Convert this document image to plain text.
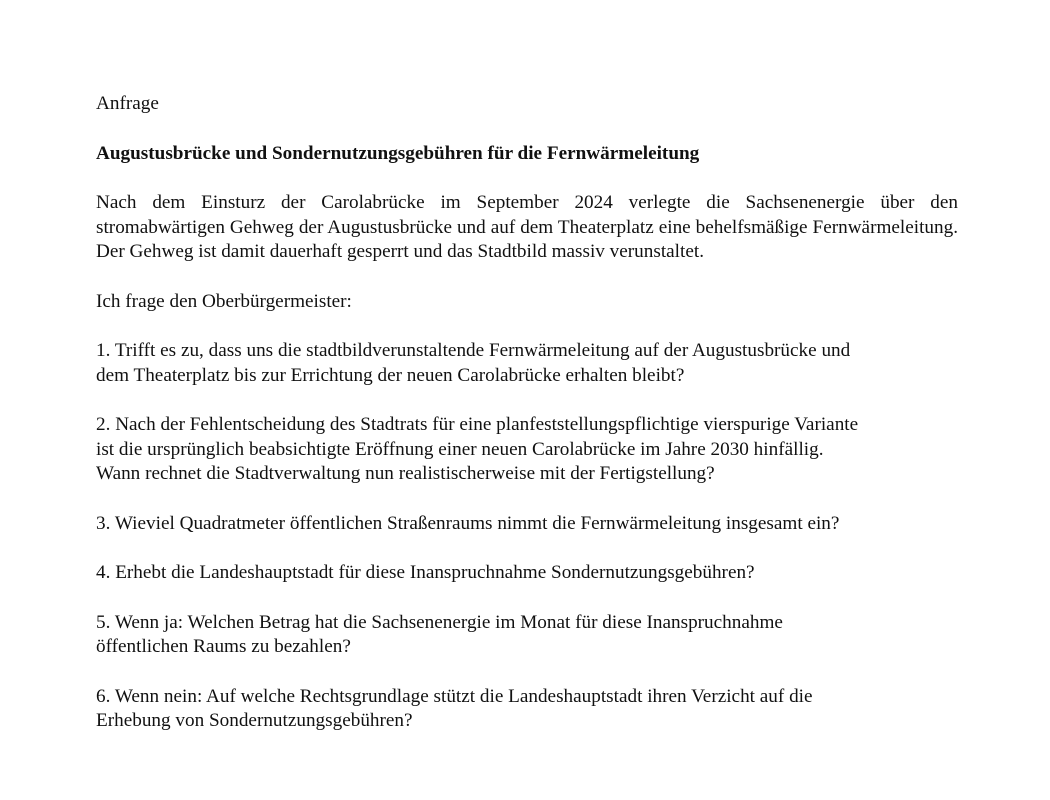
Anfrage

Augustusbrücke und Sondernutzungsgebühren für die Fernwärmeleitung

Nach dem Einsturz der Carolabrücke im September 2024 verlegte die Sachsenenergie über den stromabwärtigen Gehweg der Augustusbrücke und auf dem Theaterplatz eine behelfsmäßige Fernwärmeleitung. Der Gehweg ist damit dauerhaft gesperrt und das Stadtbild massiv verunstaltet.

Ich frage den Oberbürgermeister:

1. Trifft es zu, dass uns die stadtbildverunstaltende Fernwärmeleitung auf der Augustusbrücke und
dem Theaterplatz bis zur Errichtung der neuen Carolabrücke erhalten bleibt?

2. Nach der Fehlentscheidung des Stadtrats für eine planfeststellungspflichtige vierspurige Variante
ist die ursprünglich beabsichtigte Eröffnung einer neuen Carolabrücke im Jahre 2030 hinfällig.
Wann rechnet die Stadtverwaltung nun realistischerweise mit der Fertigstellung?

3. Wieviel Quadratmeter öffentlichen Straßenraums nimmt die Fernwärmeleitung insgesamt ein?

4. Erhebt die Landeshauptstadt für diese Inanspruchnahme Sondernutzungsgebühren?

5. Wenn ja: Welchen Betrag hat die Sachsenenergie im Monat für diese Inanspruchnahme
öffentlichen Raums zu bezahlen?

6. Wenn nein: Auf welche Rechtsgrundlage stützt die Landeshauptstadt ihren Verzicht auf die
Erhebung von Sondernutzungsgebühren?
